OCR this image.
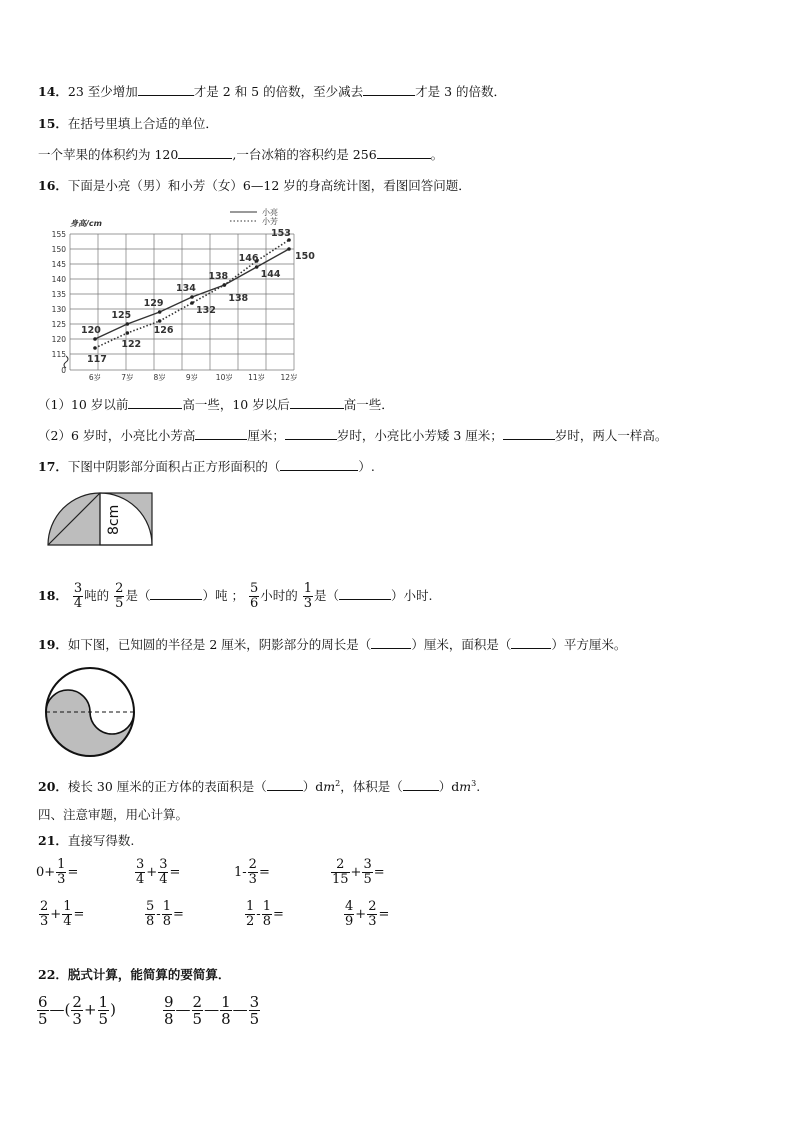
14．23 至少增加	才是 2 和 5 的倍数，至少减去	才是 3 的倍数．
15．在括号里填上合适的单位．
一个苹果的体积约为 120	,一台冰箱的容积约是 256	。
16．下面是小亮（男）和小芳（女）6—12 岁的身高统计图，看图回答问题．
0
115
120
125
130
135
140
145
150
155
身高/cm
6岁	7岁	8岁	9岁 10岁 11岁 12岁
120
125
129
134
138	144
150
117
122
126
132
146
153
138
小亮
小芳
（1）10 岁以前	高一些，10 岁以后	高一些．
（2）6 岁时，小亮比小芳高	厘米；	岁时，小亮比小芳矮 3 厘米；	岁时，两人一样高。
17．下图中阴影部分面积占正方形面积的（	）.
8cm
18． $\frac{3}{4}$ 吨的 $\frac{2}{5}$ 是（	）吨 ； $\frac{5}{6}$ 小时的 $\frac{1}{3}$ 是（	）小时.
19．如下图，已知圆的半径是 2 厘米，阴影部分的周长是（	）厘米，面积是（	）平方厘米。
20．棱长 30 厘米的正方体的表面积是（	）$dm^2$，体积是（	）$dm^3$.
四、注意审题，用心计算。
21．直接写得数.
$0+ \frac{1}{3}$ =	$\frac{3}{4} + \frac{3}{4}$ =	$1- \frac{2}{3}$ =	$\frac{2}{15} + \frac{3}{5}$ =
$\frac{2}{3} + \frac{1}{4}$ =	$\frac{5}{8} - \frac{1}{8}$ =	$\frac{1}{2} - \frac{1}{8}$ =	$\frac{4}{9} + \frac{2}{3}$ =
22．脱式计算，能简算的要简算．
$\frac{6}{5}$ —( $\frac{2}{3} + \frac{1}{5}$ )	$\frac{9}{8}$ — $\frac{2}{5}$ — $\frac{1}{8}$ — $\frac{3}{5}$
